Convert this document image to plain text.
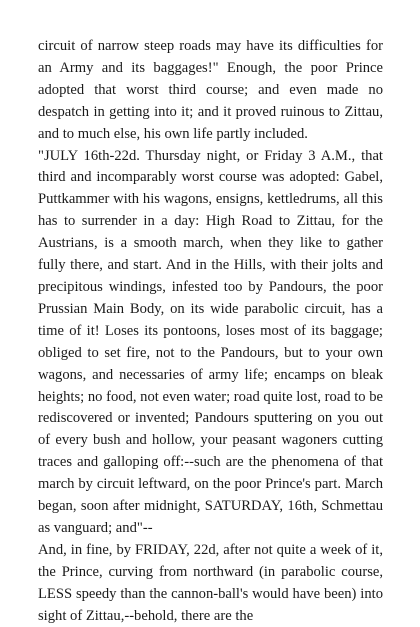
circuit of narrow steep roads may have its difficulties for an Army and its baggages!" Enough, the poor Prince adopted that worst third course; and even made no despatch in getting into it; and it proved ruinous to Zittau, and to much else, his own life partly included.

"JULY 16th-22d. Thursday night, or Friday 3 A.M., that third and incomparably worst course was adopted: Gabel, Puttkammer with his wagons, ensigns, kettledrums, all this has to surrender in a day: High Road to Zittau, for the Austrians, is a smooth march, when they like to gather fully there, and start. And in the Hills, with their jolts and precipitous windings, infested too by Pandours, the poor Prussian Main Body, on its wide parabolic circuit, has a time of it! Loses its pontoons, loses most of its baggage; obliged to set fire, not to the Pandours, but to your own wagons, and necessaries of army life; encamps on bleak heights; no food, not even water; road quite lost, road to be rediscovered or invented; Pandours sputtering on you out of every bush and hollow, your peasant wagoners cutting traces and galloping off:--such are the phenomena of that march by circuit leftward, on the poor Prince's part. March began, soon after midnight, SATURDAY, 16th, Schmettau as vanguard; and"--

And, in fine, by FRIDAY, 22d, after not quite a week of it, the Prince, curving from northward (in parabolic course, LESS speedy than the cannon-ball's would have been) into sight of Zittau,--behold, there are the
